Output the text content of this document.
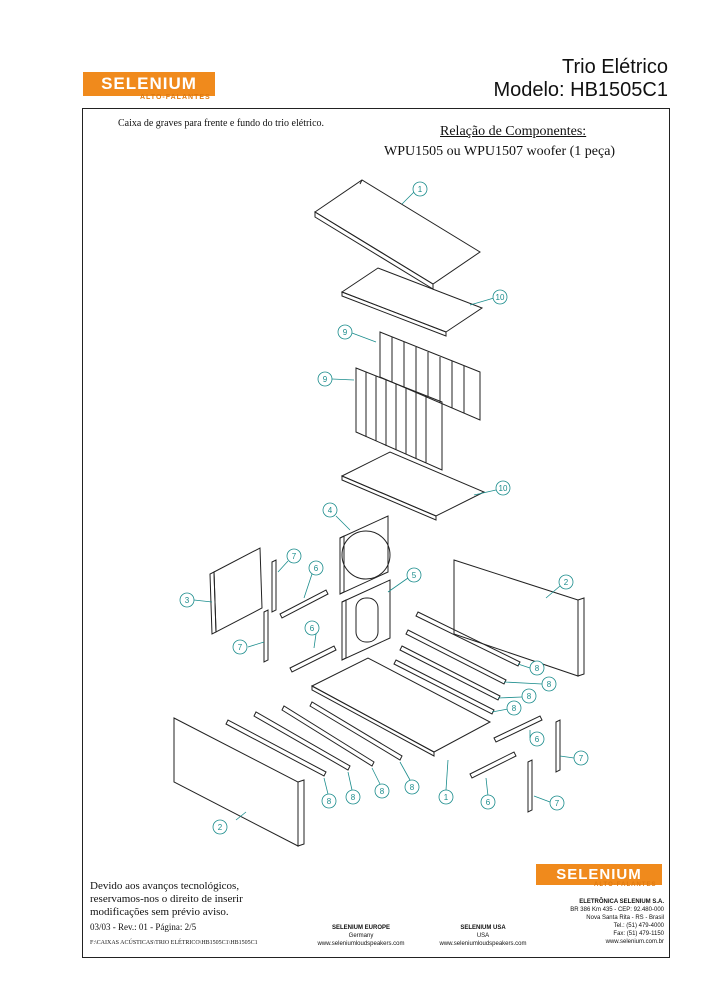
SELENIUM
ALTO-FALANTES
Trio Elétrico
Modelo: HB1505C1
Caixa de graves para frente e fundo do trio elétrico.
Relação de Componentes:
WPU1505 ou WPU1507 woofer (1 peça)
1
10
9
9
10
4
7
6
5
3
2
6
7
8
8
8
8
6
7
1
6	7
8 8
8	8
2
Devido aos avanços tecnológicos,
reservamos-nos o direito de inserir
modificações sem prévio aviso.
03/03 - Rev.: 01 - Página: 2/5
F:\CAIXAS ACÚSTICAS\TRIO ELÉTRICO\HB1505C1\HB1505C1
SELENIUM EUROPE
Germany
www.seleniumloudspeakers.com
SELENIUM USA
USA
www.seleniumloudspeakers.com
SELENIUM
ALTO-FALANTES
ELETRÔNICA SELENIUM S.A.
BR 386 Km 435 - CEP: 92.480-000
Nova Santa Rita - RS - Brasil
Tel.: (51) 479-4000
Fax: (51) 479-1150
www.selenium.com.br
